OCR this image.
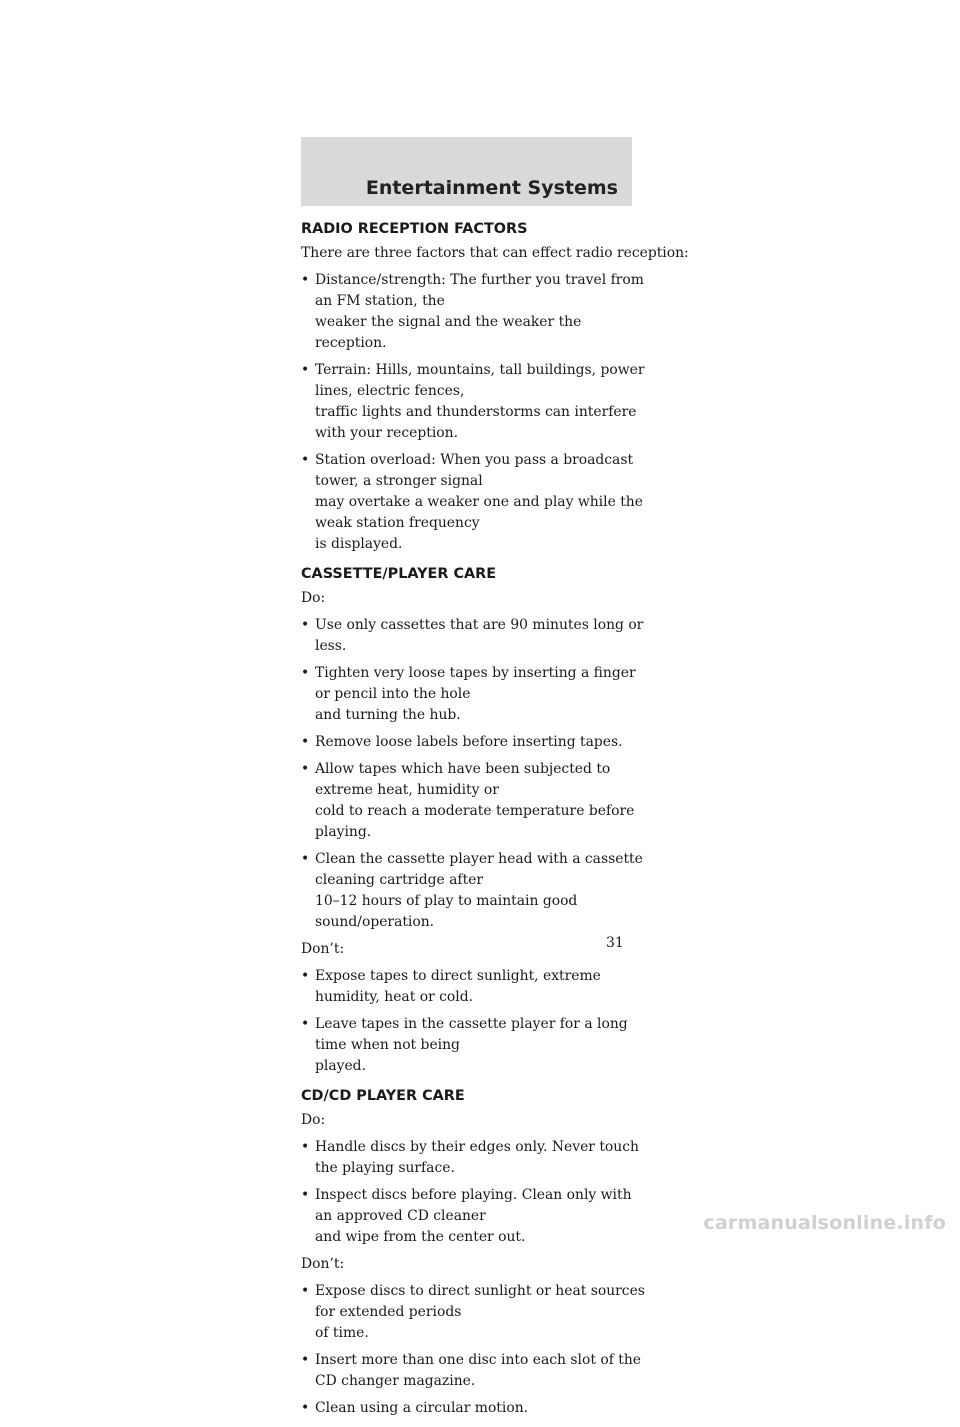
Entertainment Systems
RADIO RECEPTION FACTORS

There are three factors that can effect radio reception:

• Distance/strength: The further you travel from an FM station, the
weaker the signal and the weaker the reception.
• Terrain: Hills, mountains, tall buildings, power lines, electric fences,
traffic lights and thunderstorms can interfere with your reception.
• Station overload: When you pass a broadcast tower, a stronger signal
may overtake a weaker one and play while the weak station frequency
is displayed.
CASSETTE/PLAYER CARE

Do:

• Use only cassettes that are 90 minutes long or less.
• Tighten very loose tapes by inserting a finger or pencil into the hole
and turning the hub.
• Remove loose labels before inserting tapes.
• Allow tapes which have been subjected to extreme heat, humidity or
cold to reach a moderate temperature before playing.
• Clean the cassette player head with a cassette cleaning cartridge after
10–12 hours of play to maintain good sound/operation.

Don’t:

• Expose tapes to direct sunlight, extreme humidity, heat or cold.
• Leave tapes in the cassette player for a long time when not being
played.
CD/CD PLAYER CARE

Do:

• Handle discs by their edges only. Never touch the playing surface.
• Inspect discs before playing. Clean only with an approved CD cleaner
and wipe from the center out.

Don’t:

• Expose discs to direct sunlight or heat sources for extended periods
of time.
• Insert more than one disc into each slot of the CD changer magazine.
• Clean using a circular motion.
31
carmanualsonline.info
